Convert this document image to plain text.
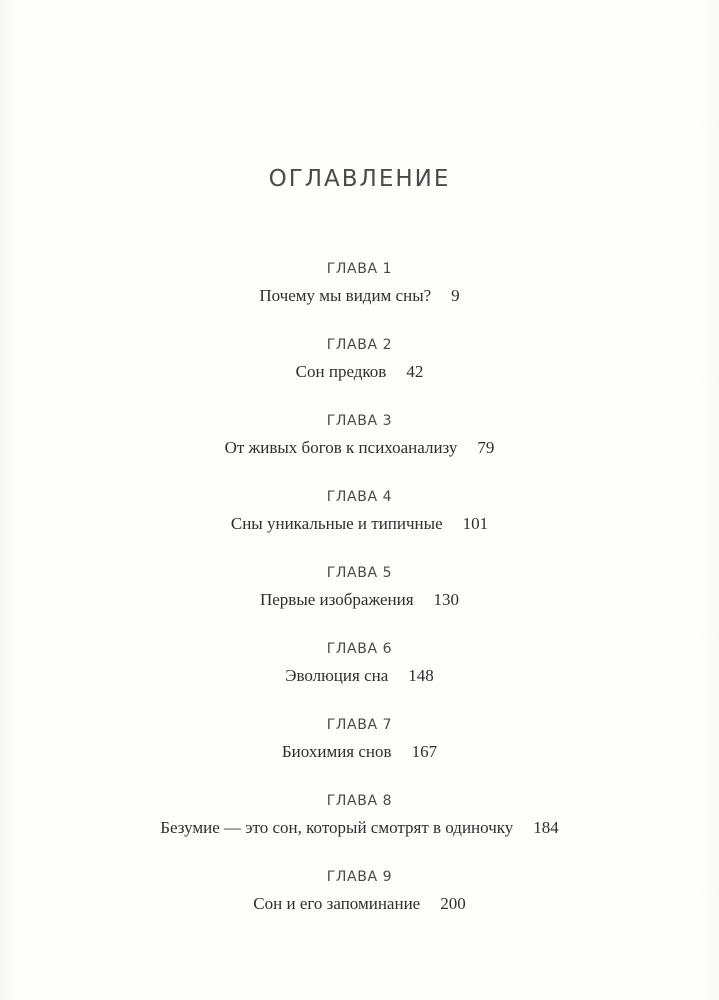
ОГЛАВЛЕНИЕ
ГЛАВА 1
Почему мы видим сны? 9
ГЛАВА 2
Сон предков 42
ГЛАВА 3
От живых богов к психоанализу 79
ГЛАВА 4
Сны уникальные и типичные 101
ГЛАВА 5
Первые изображения 130
ГЛАВА 6
Эволюция сна 148
ГЛАВА 7
Биохимия снов 167
ГЛАВА 8
Безумие — это сон, который смотрят в одиночку 184
ГЛАВА 9
Сон и его запоминание 200
